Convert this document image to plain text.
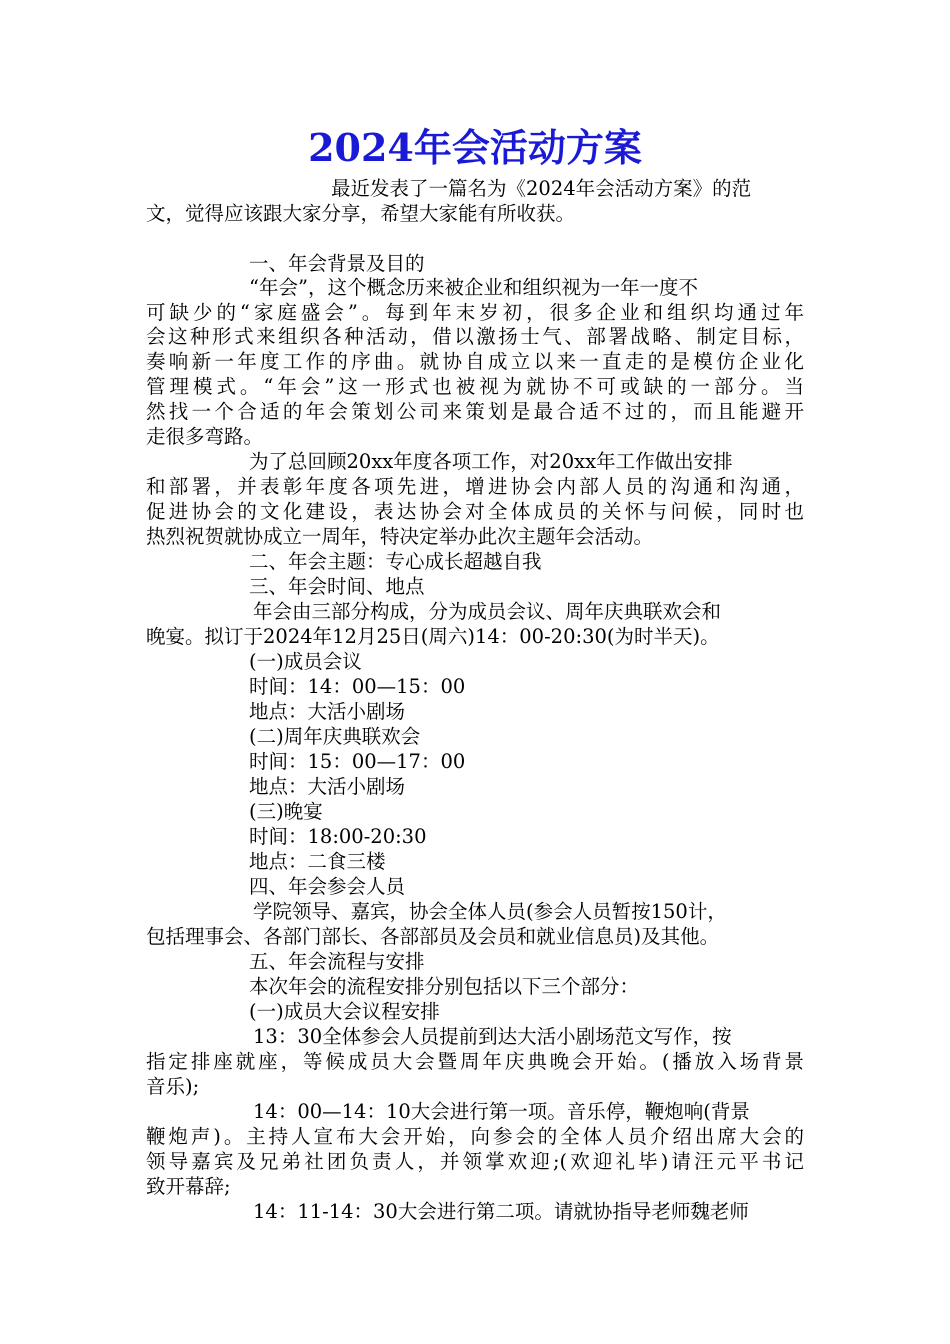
2024年会活动方案
最近发表了一篇名为《2024年会活动方案》的范
文，觉得应该跟大家分享，希望大家能有所收获。
一、年会背景及目的
“年会”，这个概念历来被企业和组织视为一年一度不
可缺少的“家庭盛会”。每到年末岁初，很多企业和组织均通过年
会这种形式来组织各种活动，借以激扬士气、部署战略、制定目标，
奏响新一年度工作的序曲。就协自成立以来一直走的是模仿企业化
管理模式。“年会”这一形式也被视为就协不可或缺的一部分。当
然找一个合适的年会策划公司来策划是最合适不过的，而且能避开
走很多弯路。
为了总回顾20xx年度各项工作，对20xx年工作做出安排
和部署，并表彰年度各项先进，增进协会内部人员的沟通和沟通，
促进协会的文化建设，表达协会对全体成员的关怀与问候，同时也
热烈祝贺就协成立一周年，特决定举办此次主题年会活动。
二、年会主题：专心成长超越自我
三、年会时间、地点
年会由三部分构成，分为成员会议、周年庆典联欢会和
晚宴。拟订于2024年12月25日(周六)14：00-20:30(为时半天)。
(一)成员会议
时间：14：00—15：00
地点：大活小剧场
(二)周年庆典联欢会
时间：15：00—17：00
地点：大活小剧场
(三)晚宴
时间：18:00-20:30
地点：二食三楼
四、年会参会人员
学院领导、嘉宾，协会全体人员(参会人员暂按150计，
包括理事会、各部门部长、各部部员及会员和就业信息员)及其他。
五、年会流程与安排
本次年会的流程安排分别包括以下三个部分：
(一)成员大会议程安排
13：30全体参会人员提前到达大活小剧场范文写作，按
指定排座就座，等候成员大会暨周年庆典晚会开始。(播放入场背景
音乐);
14：00—14：10大会进行第一项。音乐停，鞭炮响(背景
鞭炮声)。主持人宣布大会开始，向参会的全体人员介绍出席大会的
领导嘉宾及兄弟社团负责人，并领掌欢迎;(欢迎礼毕)请汪元平书记
致开幕辞;
14：11-14：30大会进行第二项。请就协指导老师魏老师
